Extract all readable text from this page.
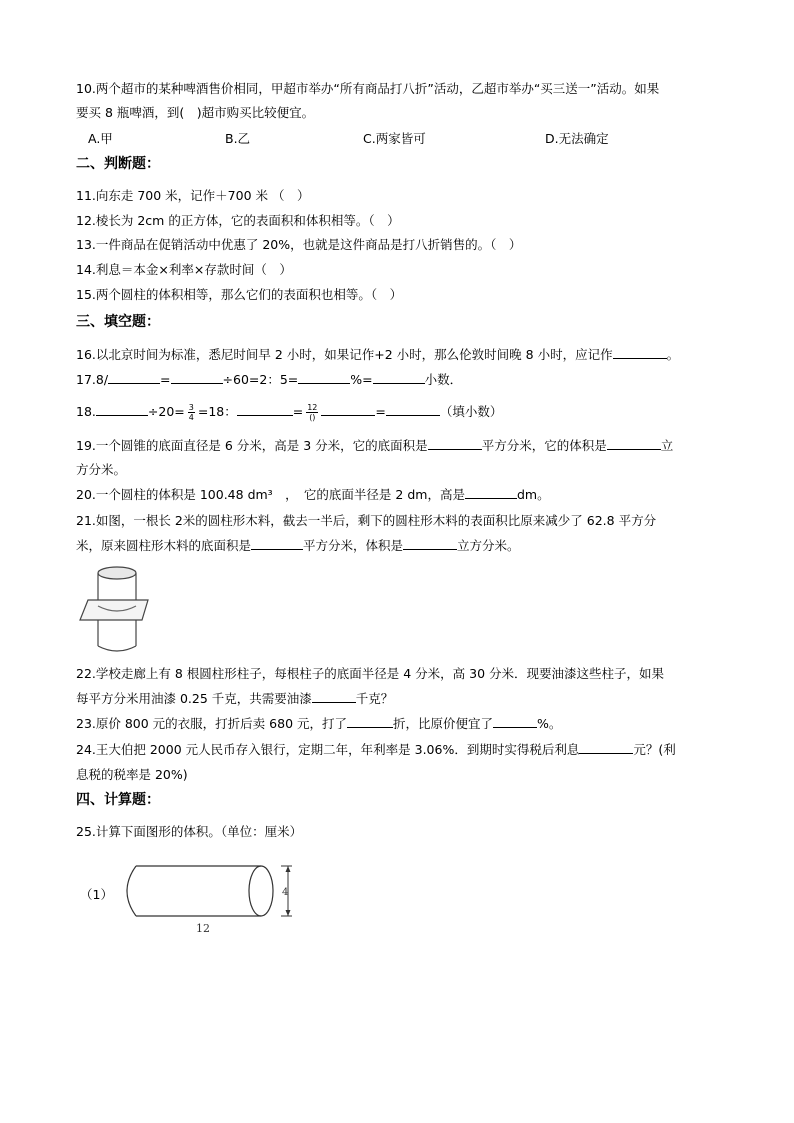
10.两个超市的某种啤酒售价相同，甲超市举办“所有商品打八折”活动，乙超市举办“买三送一”活动。如果
要买 8 瓶啤酒，到(　)超市购买比较便宜。
A.甲	B.乙	C.两家皆可	D.无法确定
二、判断题：
11.向东走 700 米，记作＋700 米 （　）
12.棱长为 2cm 的正方体，它的表面积和体积相等。（　）
13.一件商品在促销活动中优惠了 20%，也就是这件商品是打八折销售的。（　）
14.利息＝本金×利率×存款时间（　）
15.两个圆柱的体积相等，那么它们的表面积也相等。（　）
三、填空题：
16.以北京时间为标准，悉尼时间早 2 小时，如果记作+2 小时，那么伦敦时间晚 8 小时，应记作	。
17.8/	=	÷60=2：5=	%=	小数．
18.	$\div 20= \frac{3}{4} =18$：	= $\frac{12}{()}$	=	（填小数）
19.一个圆锥的底面直径是 6 分米，高是 3 分米，它的底面积是	平方分米，它的体积是	立
方分米。
20.一个圆柱的体积是 100.48 dm³　，　它的底面半径是 2 dm，高是	dm。
21.如图，一根长 2米的圆柱形木料，截去一半后，剩下的圆柱形木料的表面积比原来减少了 62.8 平方分
米，原来圆柱形木料的底面积是	平方分米，体积是	立方分米。
22.学校走廊上有 8 根圆柱形柱子，每根柱子的底面半径是 4 分米，高 30 分米．现要油漆这些柱子，如果
每平方分米用油漆 0.25 千克，共需要油漆	千克？
23.原价 800 元的衣服，打折后卖 680 元，打了	折，比原价便宜了	%。
24.王大伯把 2000 元人民币存入银行，定期二年，年利率是 3.06%．到期时实得税后利息	元？(利
息税的税率是 20%)
四、计算题：
25.计算下面图形的体积。（单位：厘米）
（1）	4
12
